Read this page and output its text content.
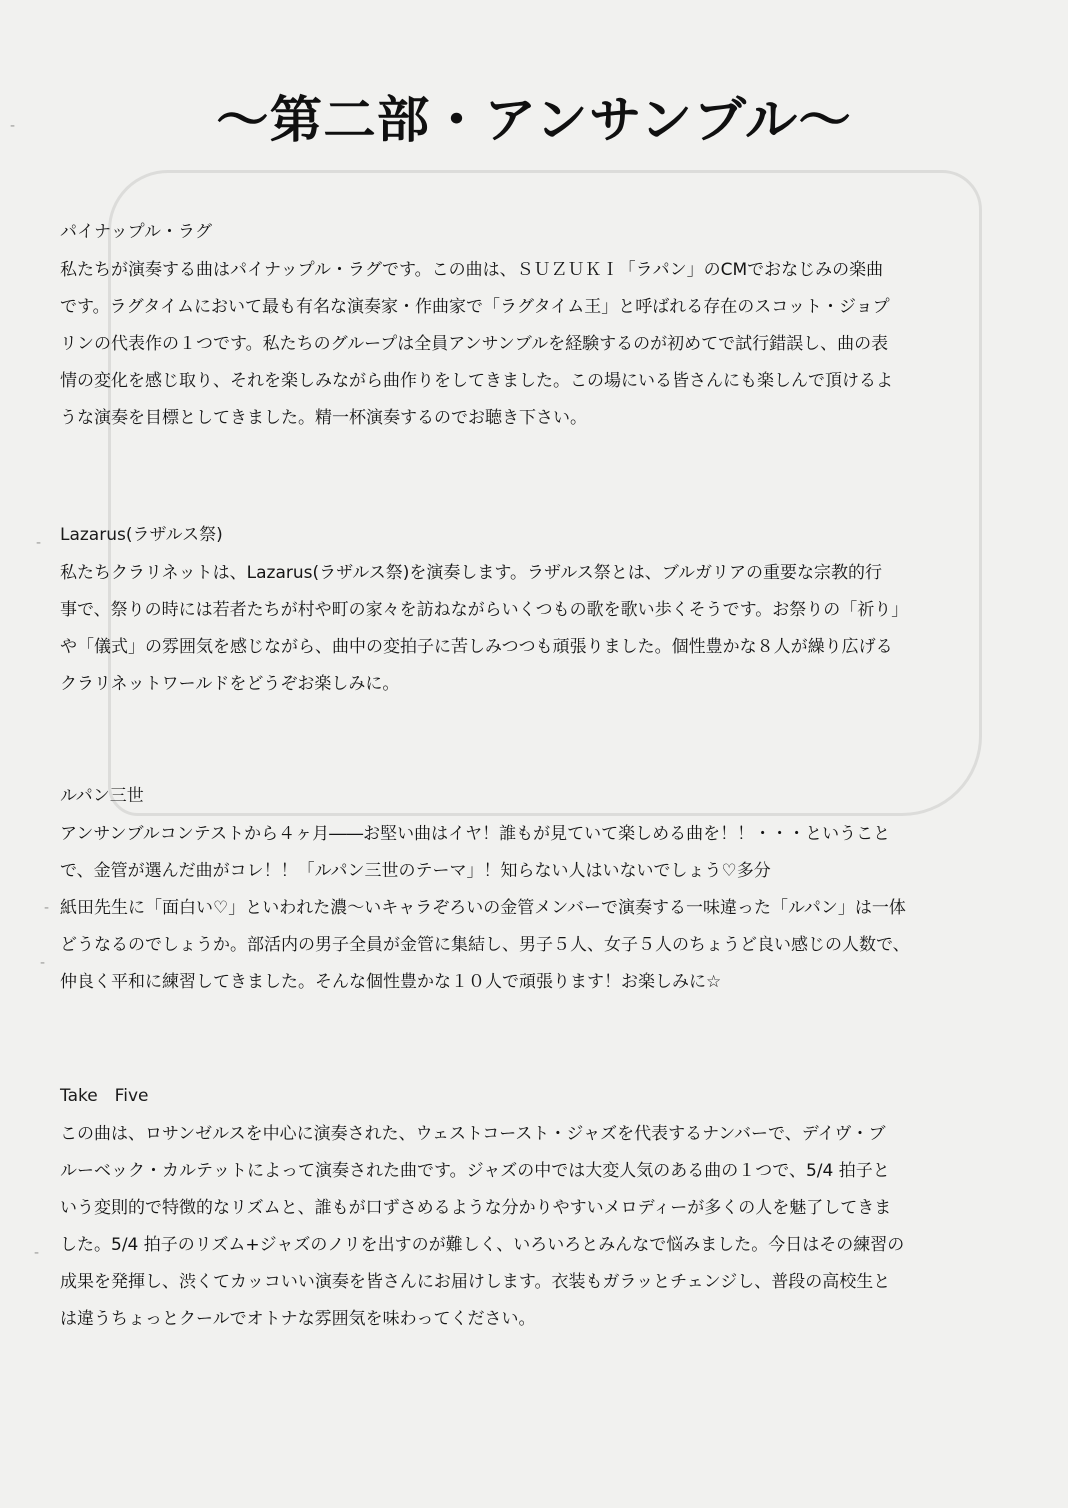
-
-
-
-
-
～第二部・アンサンブル～
パイナップル・ラグ
私たちが演奏する曲はパイナップル・ラグです。この曲は、ＳＵＺＵＫＩ「ラパン」のCMでおなじみの楽曲
です。ラグタイムにおいて最も有名な演奏家・作曲家で「ラグタイム王」と呼ばれる存在のスコット・ジョプ
リンの代表作の１つです。私たちのグループは全員アンサンブルを経験するのが初めてで試行錯誤し、曲の表
情の変化を感じ取り、それを楽しみながら曲作りをしてきました。この場にいる皆さんにも楽しんで頂けるよ
うな演奏を目標としてきました。精一杯演奏するのでお聴き下さい。
Lazarus(ラザルス祭)
私たちクラリネットは、Lazarus(ラザルス祭)を演奏します。ラザルス祭とは、ブルガリアの重要な宗教的行
事で、祭りの時には若者たちが村や町の家々を訪ねながらいくつもの歌を歌い歩くそうです。お祭りの「祈り」
や「儀式」の雰囲気を感じながら、曲中の変拍子に苦しみつつも頑張りました。個性豊かな８人が繰り広げる
クラリネットワールドをどうぞお楽しみに。
ルパン三世
アンサンブルコンテストから４ヶ月――お堅い曲はイヤ！誰もが見ていて楽しめる曲を！！・・・ということ
で、金管が選んだ曲がコレ！！「ルパン三世のテーマ」！知らない人はいないでしょう♡多分
紙田先生に「面白い♡」といわれた濃～いキャラぞろいの金管メンバーで演奏する一味違った「ルパン」は一体
どうなるのでしょうか。部活内の男子全員が金管に集結し、男子５人、女子５人のちょうど良い感じの人数で、
仲良く平和に練習してきました。そんな個性豊かな１０人で頑張ります！お楽しみに☆
Take　Five
この曲は、ロサンゼルスを中心に演奏された、ウェストコースト・ジャズを代表するナンバーで、デイヴ・ブ
ルーベック・カルテットによって演奏された曲です。ジャズの中では大変人気のある曲の１つで、5/4 拍子と
いう変則的で特徴的なリズムと、誰もが口ずさめるような分かりやすいメロディーが多くの人を魅了してきま
した。5/4 拍子のリズム+ジャズのノリを出すのが難しく、いろいろとみんなで悩みました。今日はその練習の
成果を発揮し、渋くてカッコいい演奏を皆さんにお届けします。衣装もガラッとチェンジし、普段の高校生と
は違うちょっとクールでオトナな雰囲気を味わってください。
